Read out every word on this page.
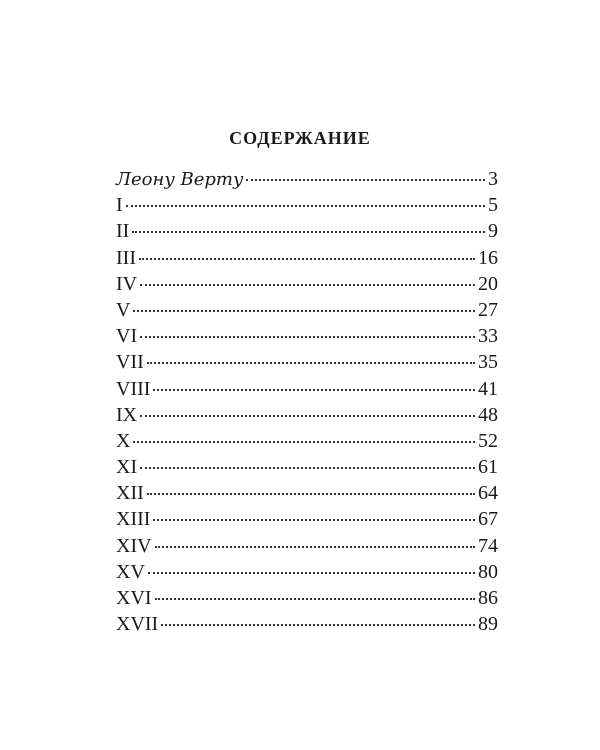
СОДЕРЖАНИЕ
Леону Верту	3
I	5
II	9
III	16
IV	20
V	27
VI	33
VII	35
VIII	41
IX	48
X	52
XI	61
XII	64
XIII	67
XIV	74
XV	80
XVI	86
XVII	89
